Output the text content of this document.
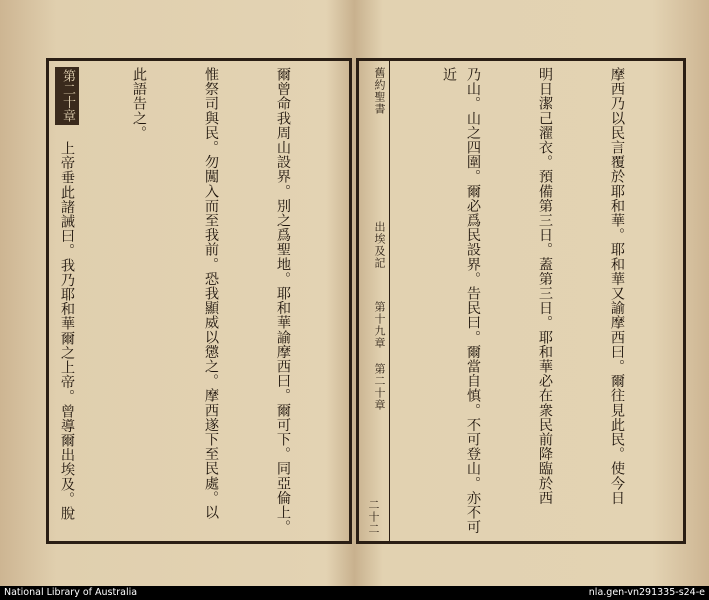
舊約聖書  出埃及記 第十九章 第二十章
二十二

摩西乃以民言覆於耶和華。耶和華又諭摩西曰。爾往見此民。使今日

明日潔己濯衣。預備第三日。蓋第三日。耶和華必在衆民前降臨於西

乃山。山之四圍。爾必爲民設界。告民曰。爾當自慎。不可登山。亦不可近

爾曾命我周山設界。別之爲聖地。耶和華諭摩西曰。爾可下。同亞倫上。

惟祭司與民。勿闖入而至我前。恐我顯威以懲之。摩西遂下至民處。以

此語告之。

第二十章 上帝垂此諸誡曰。我乃耶和華爾之上帝。曾導爾出埃及。脫

National Library of Australia	nla.gen-vn291335-s24-e
